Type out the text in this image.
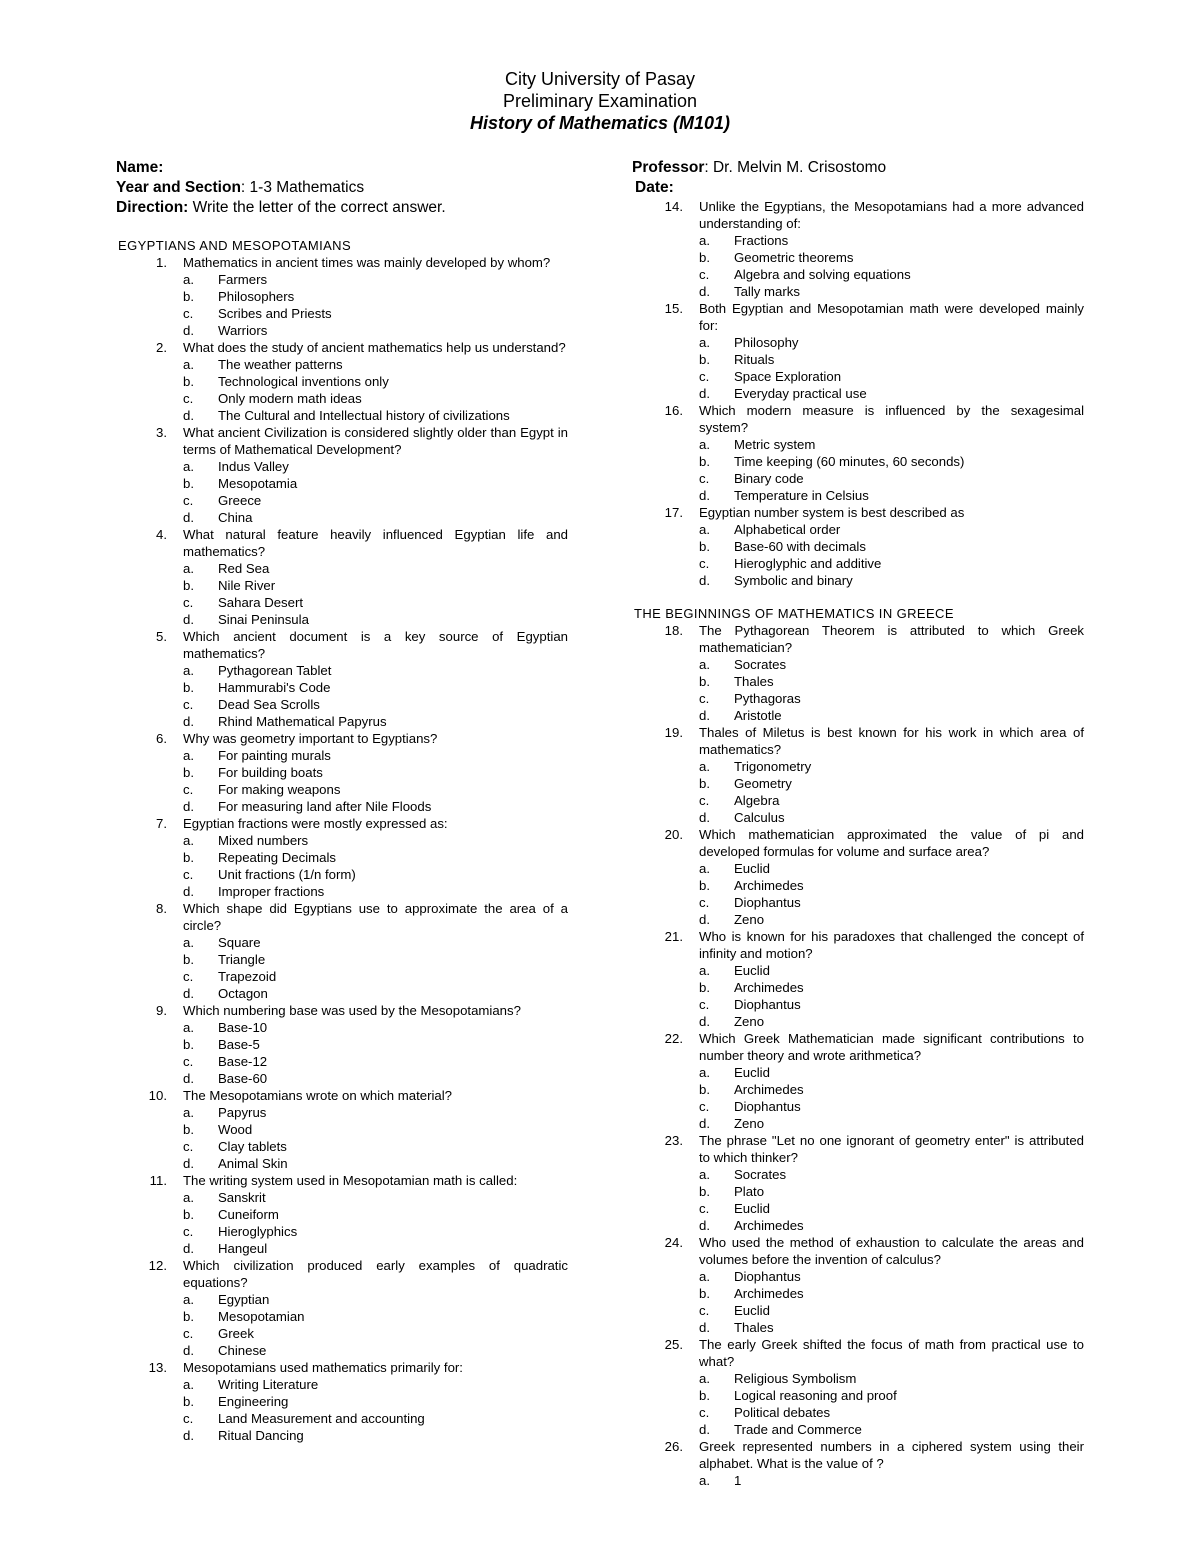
City University of Pasay
Preliminary Examination
History of Mathematics (M101)
Name:
Year and Section: 1-3 Mathematics
Direction: Write the letter of the correct answer.
EGYPTIANS AND MESOPOTAMIANS
1.	Mathematics in ancient times was mainly developed by whom?
a.	Farmers
b.	Philosophers
c.	Scribes and Priests
d.	Warriors
2.	What does the study of ancient mathematics help us understand?
a.	The weather patterns
b.	Technological inventions only
c.	Only modern math ideas
d.	The Cultural and Intellectual history of civilizations
3.	What ancient Civilization is considered slightly older than Egypt in terms of Mathematical Development?
a.	Indus Valley
b.	Mesopotamia
c.	Greece
d.	China
4.	What natural feature heavily influenced Egyptian life and mathematics?
a.	Red Sea
b.	Nile River
c.	Sahara Desert
d.	Sinai Peninsula
5.	Which ancient document is a key source of Egyptian mathematics?
a.	Pythagorean Tablet
b.	Hammurabi's Code
c.	Dead Sea Scrolls
d.	Rhind Mathematical Papyrus
6.	Why was geometry important to Egyptians?
a.	For painting murals
b.	For building boats
c.	For making weapons
d.	For measuring land after Nile Floods
7.	Egyptian fractions were mostly expressed as:
a.	Mixed numbers
b.	Repeating Decimals
c.	Unit fractions (1/n form)
d.	Improper fractions
8.	Which shape did Egyptians use to approximate the area of a circle?
a.	Square
b.	Triangle
c.	Trapezoid
d.	Octagon
9.	Which numbering base was used by the Mesopotamians?
a.	Base-10
b.	Base-5
c.	Base-12
d.	Base-60
10.	The Mesopotamians wrote on which material?
a.	Papyrus
b.	Wood
c.	Clay tablets
d.	Animal Skin
11.	The writing system used in Mesopotamian math is called:
a.	Sanskrit
b.	Cuneiform
c.	Hieroglyphics
d.	Hangeul
12.	Which civilization produced early examples of quadratic equations?
a.	Egyptian
b.	Mesopotamian
c.	Greek
d.	Chinese
13.	Mesopotamians used mathematics primarily for:
a.	Writing Literature
b.	Engineering
c.	Land Measurement and accounting
d.	Ritual Dancing
Professor: Dr. Melvin M. Crisostomo
Date:
14.	Unlike the Egyptians, the Mesopotamians had a more advanced understanding of:
a.	Fractions
b.	Geometric theorems
c.	Algebra and solving equations
d.	Tally marks
15.	Both Egyptian and Mesopotamian math were developed mainly for:
a.	Philosophy
b.	Rituals
c.	Space Exploration
d.	Everyday practical use
16.	Which modern measure is influenced by the sexagesimal system?
a.	Metric system
b.	Time keeping (60 minutes, 60 seconds)
c.	Binary code
d.	Temperature in Celsius
17.	Egyptian number system is best described as
a.	Alphabetical order
b.	Base-60 with decimals
c.	Hieroglyphic and additive
d.	Symbolic and binary
THE BEGINNINGS OF MATHEMATICS IN GREECE
18.	The Pythagorean Theorem is attributed to which Greek mathematician?
a.	Socrates
b.	Thales
c.	Pythagoras
d.	Aristotle
19.	Thales of Miletus is best known for his work in which area of mathematics?
a.	Trigonometry
b.	Geometry
c.	Algebra
d.	Calculus
20.	Which mathematician approximated the value of pi and developed formulas for volume and surface area?
a.	Euclid
b.	Archimedes
c.	Diophantus
d.	Zeno
21.	Who is known for his paradoxes that challenged the concept of infinity and motion?
a.	Euclid
b.	Archimedes
c.	Diophantus
d.	Zeno
22.	Which Greek Mathematician made significant contributions to number theory and wrote arithmetica?
a.	Euclid
b.	Archimedes
c.	Diophantus
d.	Zeno
23.	The phrase "Let no one ignorant of geometry enter" is attributed to which thinker?
a.	Socrates
b.	Plato
c.	Euclid
d.	Archimedes
24.	Who used the method of exhaustion to calculate the areas and volumes before the invention of calculus?
a.	Diophantus
b.	Archimedes
c.	Euclid
d.	Thales
25.	The early Greek shifted the focus of math from practical use to what?
a.	Religious Symbolism
b.	Logical reasoning and proof
c.	Political debates
d.	Trade and Commerce
26.	Greek represented numbers in a ciphered system using their alphabet. What is the value of ?
a.	1
